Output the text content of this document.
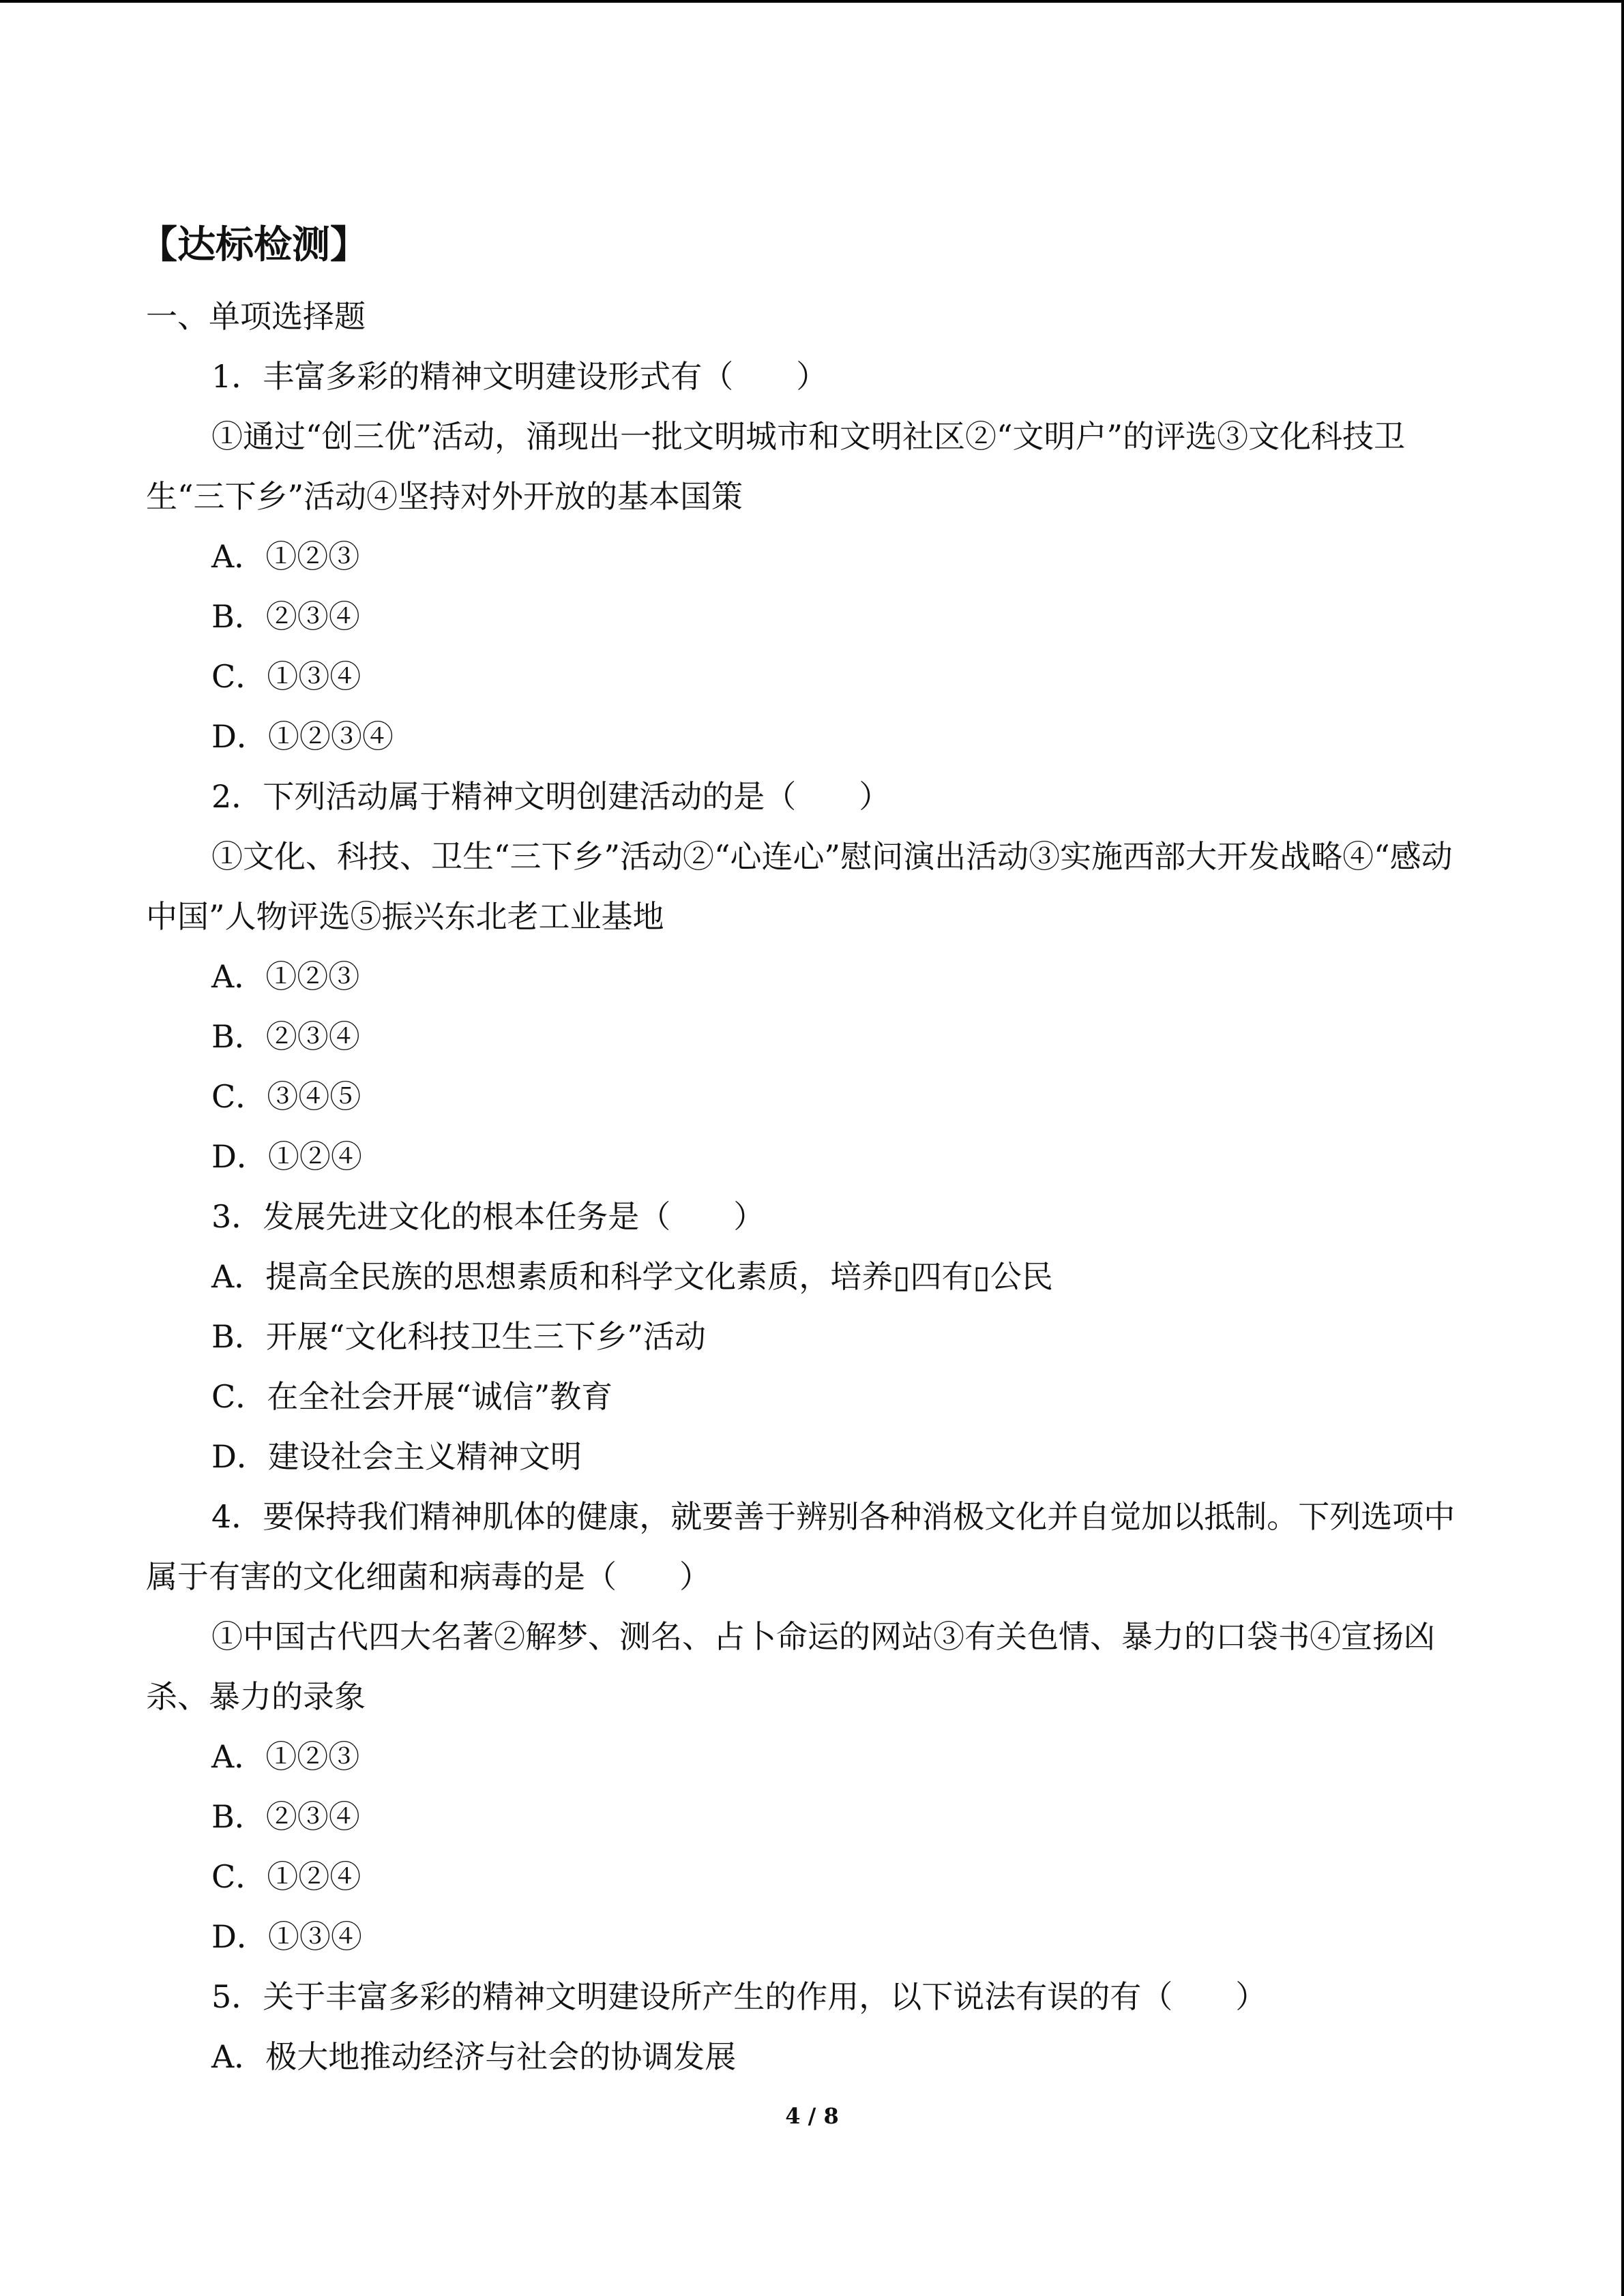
【达标检测】
一、单项选择题

1．丰富多彩的精神文明建设形式有（　　）

①通过“创三优”活动，涌现出一批文明城市和文明社区②“文明户”的评选③文化科技卫生“三下乡”活动④坚持对外开放的基本国策

A．①②③

B．②③④

C．①③④

D．①②③④

2．下列活动属于精神文明创建活动的是（　　）

①文化、科技、卫生“三下乡”活动②“心连心”慰问演出活动③实施西部大开发战略④“感动中国”人物评选⑤振兴东北老工业基地

A．①②③

B．②③④

C．③④⑤

D．①②④

3．发展先进文化的根本任务是（　　）

A．提高全民族的思想素质和科学文化素质，培养▯四有▯公民

B．开展“文化科技卫生三下乡”活动

C．在全社会开展“诚信”教育

D．建设社会主义精神文明

4．要保持我们精神肌体的健康，就要善于辨别各种消极文化并自觉加以抵制。下列选项中属于有害的文化细菌和病毒的是（　　）

①中国古代四大名著②解梦、测名、占卜命运的网站③有关色情、暴力的口袋书④宣扬凶杀、暴力的录象

A．①②③

B．②③④

C．①②④

D．①③④

5．关于丰富多彩的精神文明建设所产生的作用，以下说法有误的有（　　）

A．极大地推动经济与社会的协调发展

4 / 8
